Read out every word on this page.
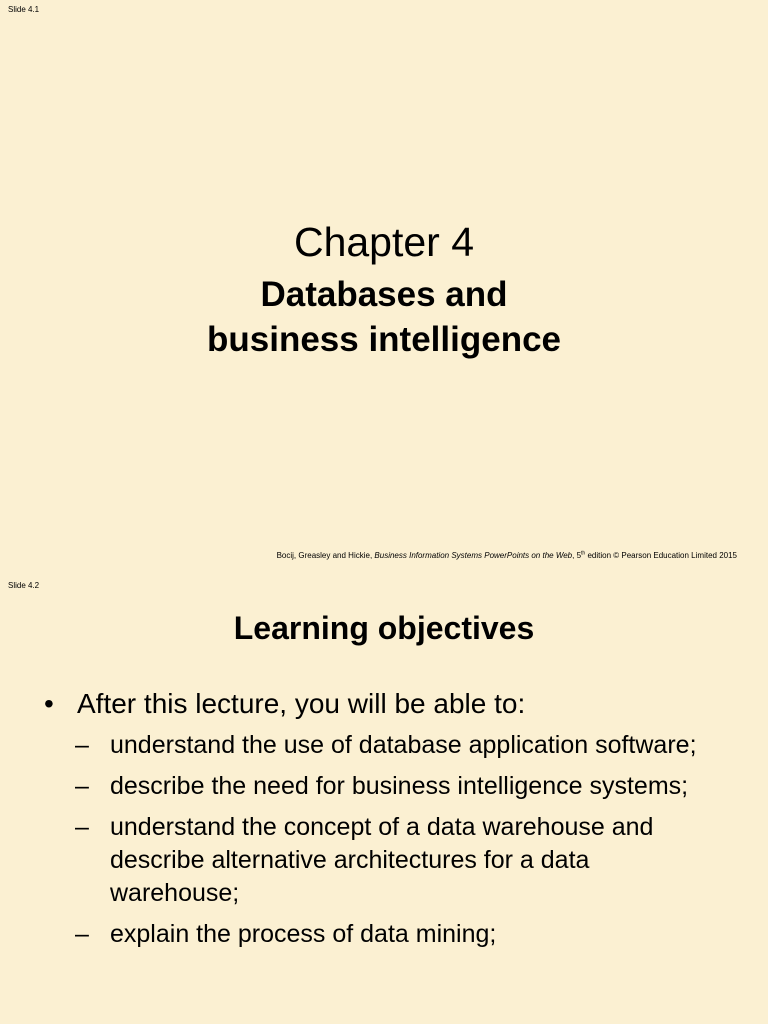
Slide 4.1
Chapter 4
Databases and
business intelligence
Bocij, Greasley and Hickie, Business Information Systems PowerPoints on the Web, 5th edition © Pearson Education Limited 2015
Slide 4.2
Learning objectives
• After this lecture, you will be able to:
– understand the use of database application software;
– describe the need for business intelligence systems;
– understand the concept of a data warehouse and describe alternative architectures for a data warehouse;
– explain the process of data mining;
